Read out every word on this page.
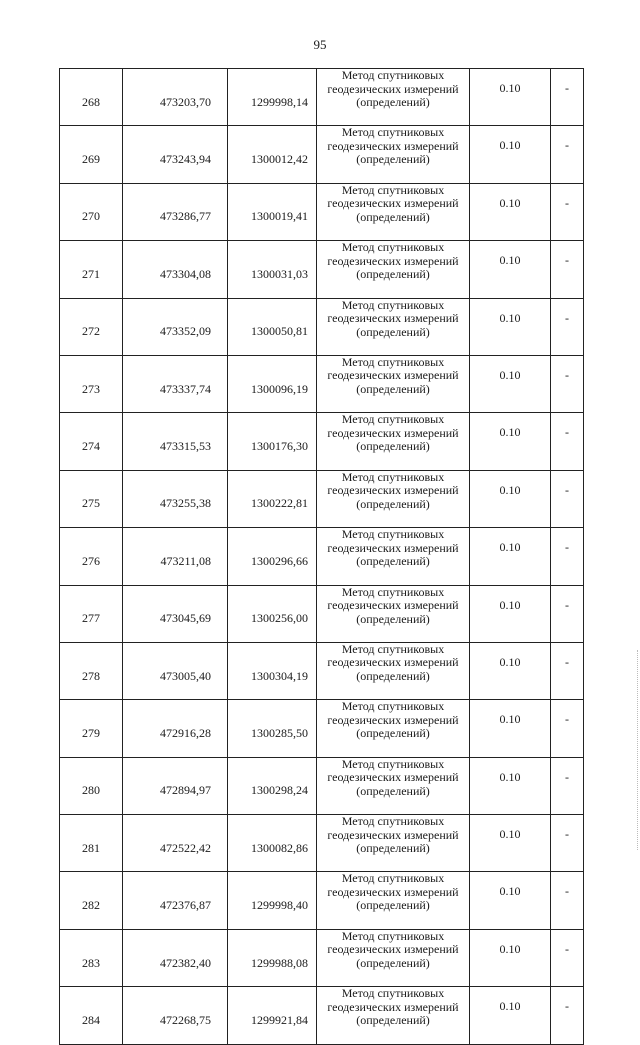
95
268	473203,70	1299998,14	Метод спутниковых геодезических измерений (определений)	0.10	-
269	473243,94	1300012,42	Метод спутниковых геодезических измерений (определений)	0.10	-
270	473286,77	1300019,41	Метод спутниковых геодезических измерений (определений)	0.10	-
271	473304,08	1300031,03	Метод спутниковых геодезических измерений (определений)	0.10	-
272	473352,09	1300050,81	Метод спутниковых геодезических измерений (определений)	0.10	-
273	473337,74	1300096,19	Метод спутниковых геодезических измерений (определений)	0.10	-
274	473315,53	1300176,30	Метод спутниковых геодезических измерений (определений)	0.10	-
275	473255,38	1300222,81	Метод спутниковых геодезических измерений (определений)	0.10	-
276	473211,08	1300296,66	Метод спутниковых геодезических измерений (определений)	0.10	-
277	473045,69	1300256,00	Метод спутниковых геодезических измерений (определений)	0.10	-
278	473005,40	1300304,19	Метод спутниковых геодезических измерений (определений)	0.10	-
279	472916,28	1300285,50	Метод спутниковых геодезических измерений (определений)	0.10	-
280	472894,97	1300298,24	Метод спутниковых геодезических измерений (определений)	0.10	-
281	472522,42	1300082,86	Метод спутниковых геодезических измерений (определений)	0.10	-
282	472376,87	1299998,40	Метод спутниковых геодезических измерений (определений)	0.10	-
283	472382,40	1299988,08	Метод спутниковых геодезических измерений (определений)	0.10	-
284	472268,75	1299921,84	Метод спутниковых геодезических измерений (определений)	0.10	-
